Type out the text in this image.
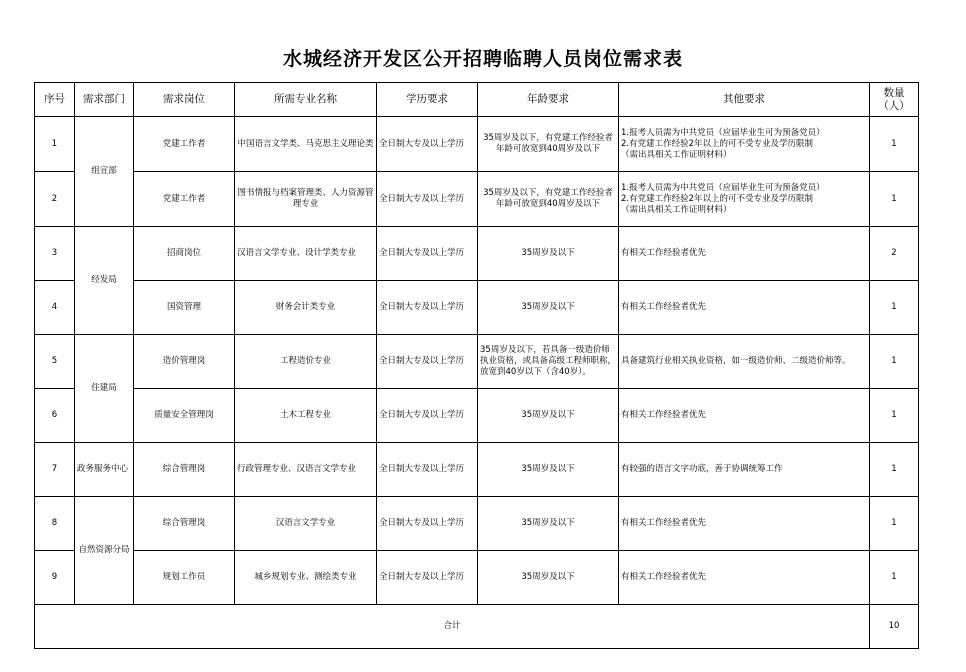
水城经济开发区公开招聘临聘人员岗位需求表
序号	需求部门	需求岗位	所需专业名称	学历要求	年龄要求	其他要求	数量（人）
1	组宣部	党建工作者	中国语言文学类、马克思主义理论类	全日制大专及以上学历	35周岁及以下，有党建工作经验者年龄可放宽到40周岁及以下	1.报考人员需为中共党员（应届毕业生可为预备党员）
2.有党建工作经验2年以上的可不受专业及学历限制
（需出具相关工作证明材料）	1
2		党建工作者	图书情报与档案管理类、人力资源管理专业	全日制大专及以上学历	35周岁及以下，有党建工作经验者年龄可放宽到40周岁及以下	1.报考人员需为中共党员（应届毕业生可为预备党员）
2.有党建工作经验2年以上的可不受专业及学历限制
（需出具相关工作证明材料）	1
3	经发局	招商岗位	汉语言文学专业、设计学类专业	全日制大专及以上学历	35周岁及以下	有相关工作经验者优先	2
4		国资管理	财务会计类专业	全日制大专及以上学历	35周岁及以下	有相关工作经验者优先	1
5	住建局	造价管理岗	工程造价专业	全日制大专及以上学历	35周岁及以下，若具备一级造价师执业资格，或具备高级工程师职称，放宽到40岁以下（含40岁）。	具备建筑行业相关执业资格，如一级造价师、二级造价师等。	1
6		质量安全管理岗	土木工程专业	全日制大专及以上学历	35周岁及以下	有相关工作经验者优先	1
7	政务服务中心	综合管理岗	行政管理专业、汉语言文学专业	全日制大专及以上学历	35周岁及以下	有较强的语言文字功底，善于协调统筹工作	1
8	自然资源分局	综合管理岗	汉语言文学专业	全日制大专及以上学历	35周岁及以下	有相关工作经验者优先	1
9		规划工作员	城乡规划专业、测绘类专业	全日制大专及以上学历	35周岁及以下	有相关工作经验者优先	1
合计							10
